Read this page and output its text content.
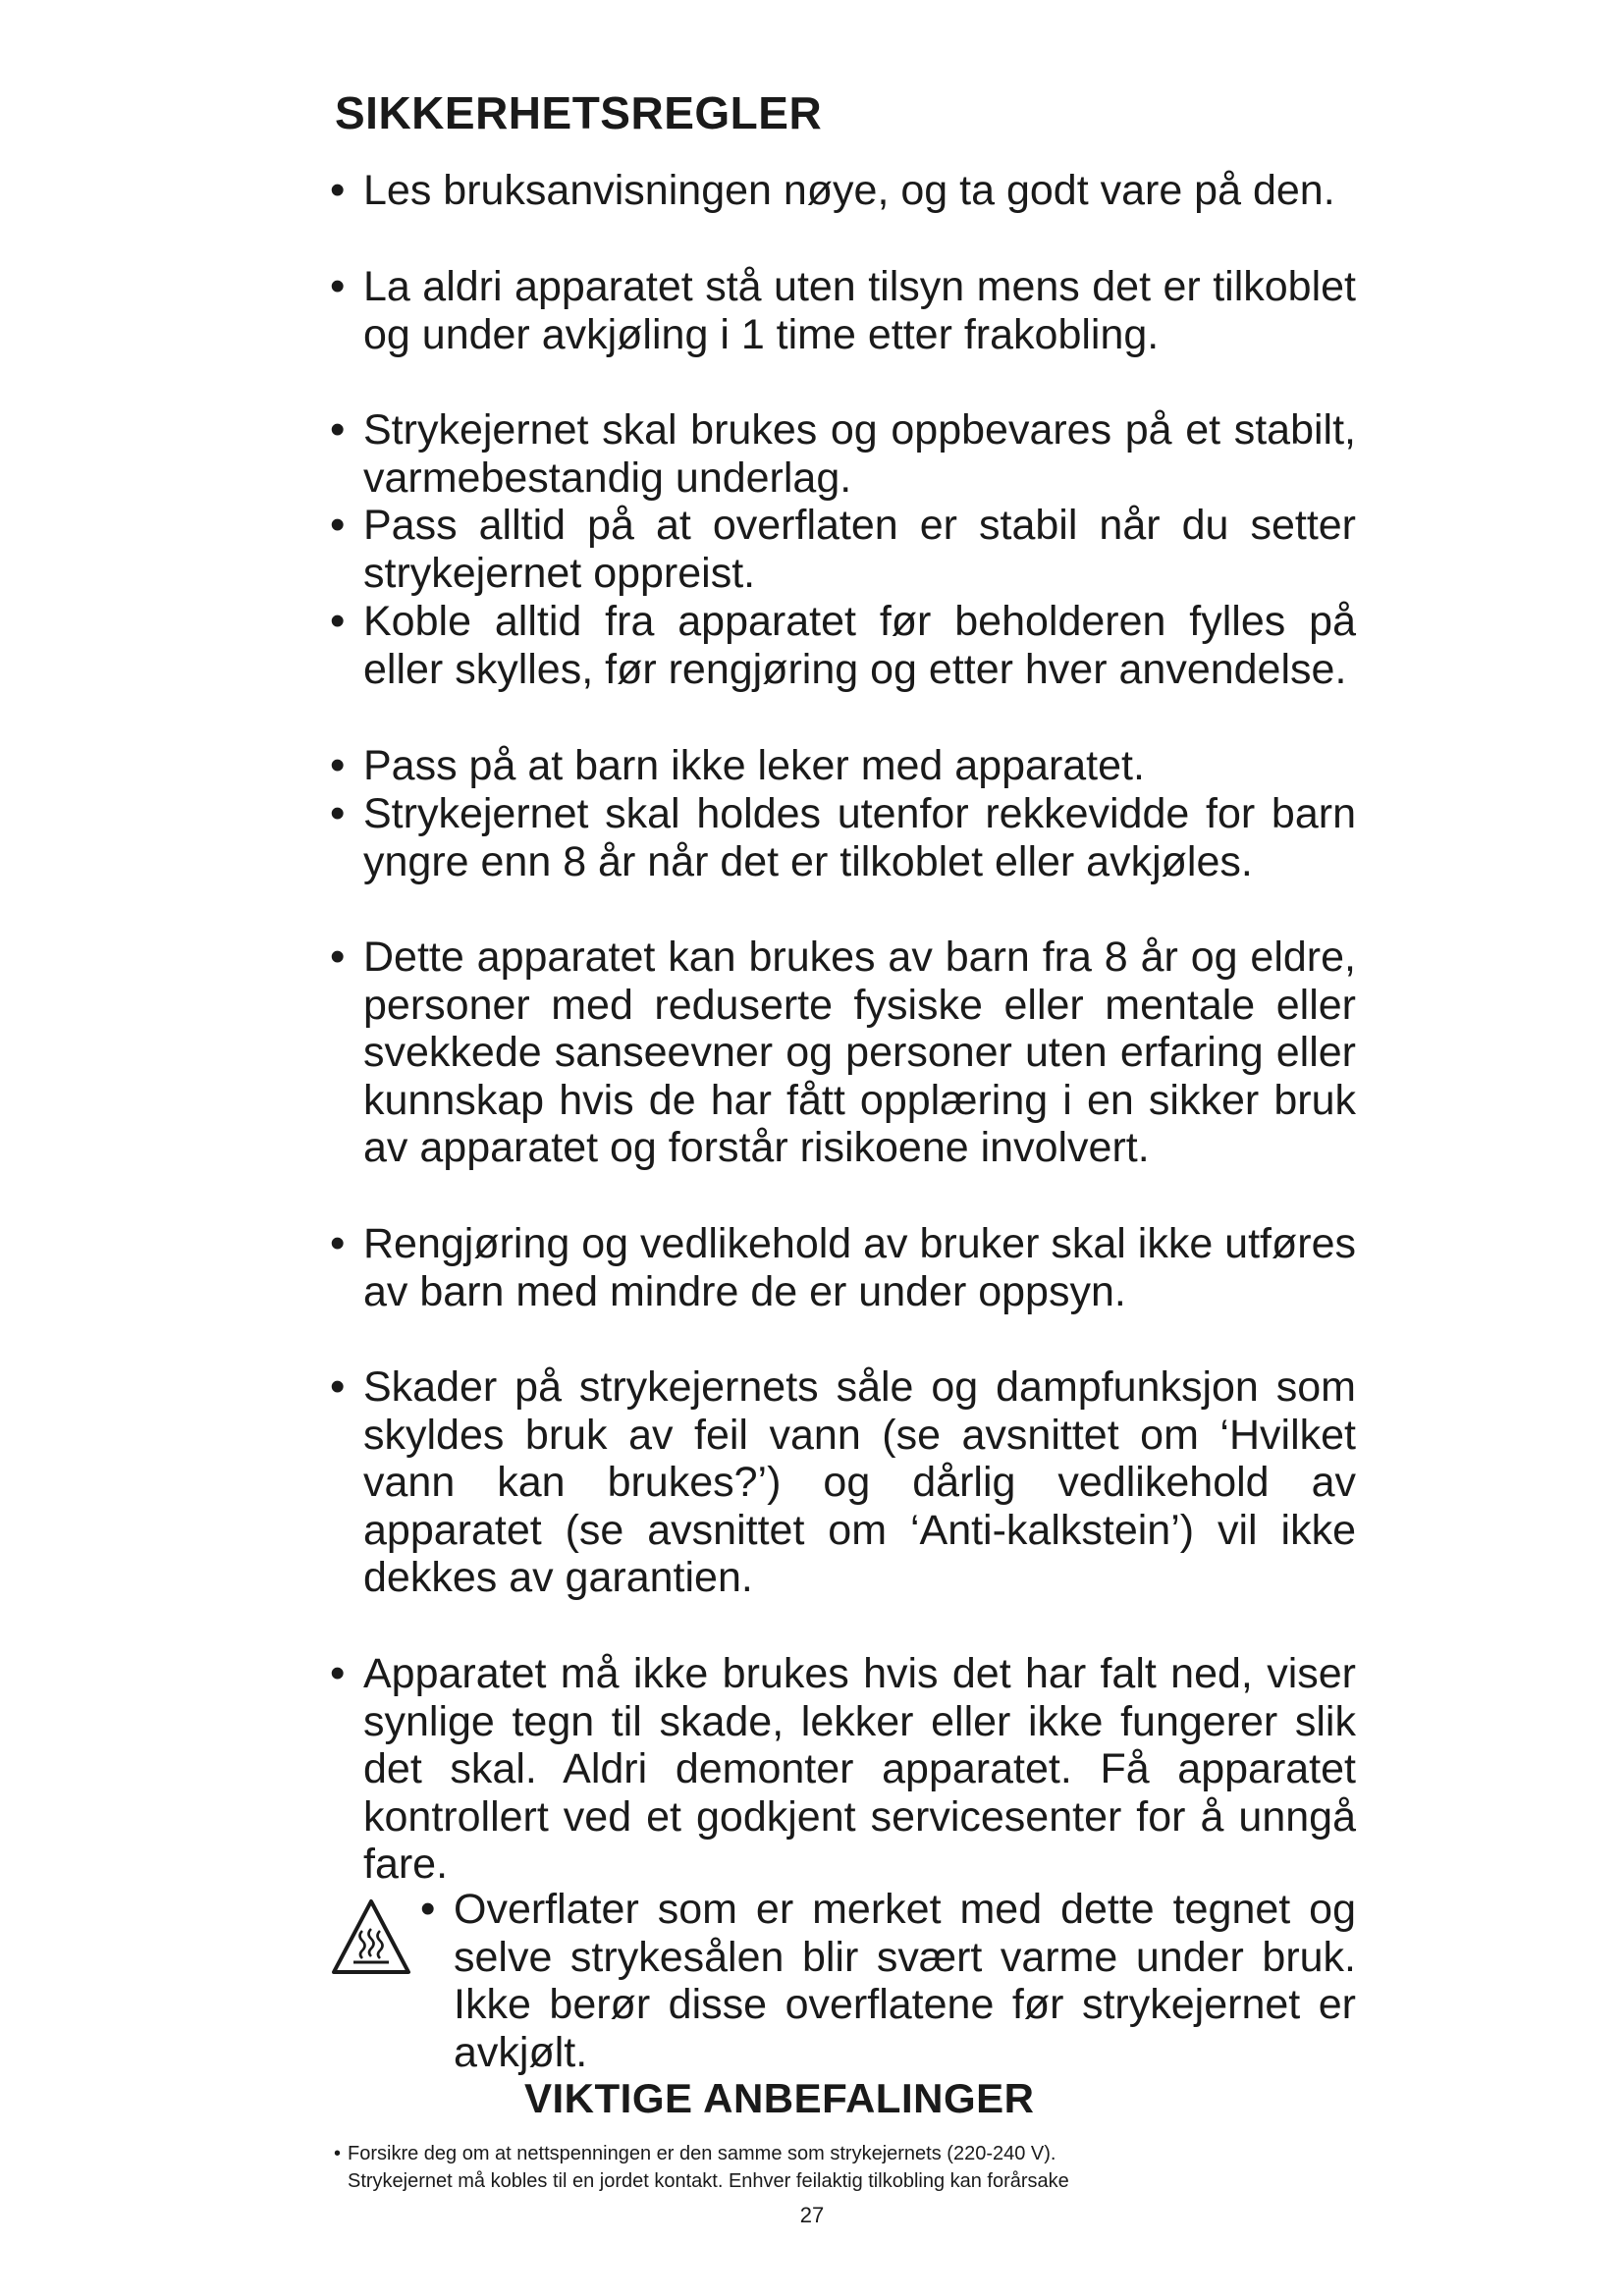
SIKKERHETSREGLER
• Les bruksanvisningen nøye, og ta godt vare på den.

• La aldri apparatet stå uten tilsyn mens det er tilkoblet og under avkjøling i 1 time etter frakobling.

• Strykejernet skal brukes og oppbevares på et stabilt, varmebestandig underlag.

• Pass alltid på at overflaten er stabil når du setter strykejernet oppreist.

• Koble alltid fra apparatet før beholderen fylles på eller skylles, før rengjøring og etter hver anvendelse.

• Pass på at barn ikke leker med apparatet.

• Strykejernet skal holdes utenfor rekkevidde for barn yngre enn 8 år når det er tilkoblet eller avkjøles.

• Dette apparatet kan brukes av barn fra 8 år og eldre, personer med reduserte fysiske eller mentale eller svekkede sanseevner og personer uten erfaring eller kunnskap hvis de har fått opplæring i en sikker bruk av apparatet og forstår risikoene involvert.

• Rengjøring og vedlikehold av bruker skal ikke utføres av barn med mindre de er under oppsyn.

• Skader på strykejernets såle og dampfunksjon som skyldes bruk av feil vann (se avsnittet om ‘Hvilket vann kan brukes?’) og dårlig vedlikehold av apparatet (se avsnittet om ‘Anti-kalkstein’) vil ikke dekkes av garantien.

• Apparatet må ikke brukes hvis det har falt ned, viser synlige tegn til skade, lekker eller ikke fungerer slik det skal. Aldri demonter apparatet. Få apparatet kontrollert ved et godkjent servicesenter for å unngå fare.

• Overflater som er merket med dette tegnet og selve strykesålen blir svært varme under bruk. Ikke berør disse overflatene før strykejernet er avkjølt.

VIKTIGE ANBEFALINGER
• Forsikre deg om at nettspenningen er den samme som strykejernets (220-240 V).
Strykejernet må kobles til en jordet kontakt. Enhver feilaktig tilkobling kan forårsake

27
